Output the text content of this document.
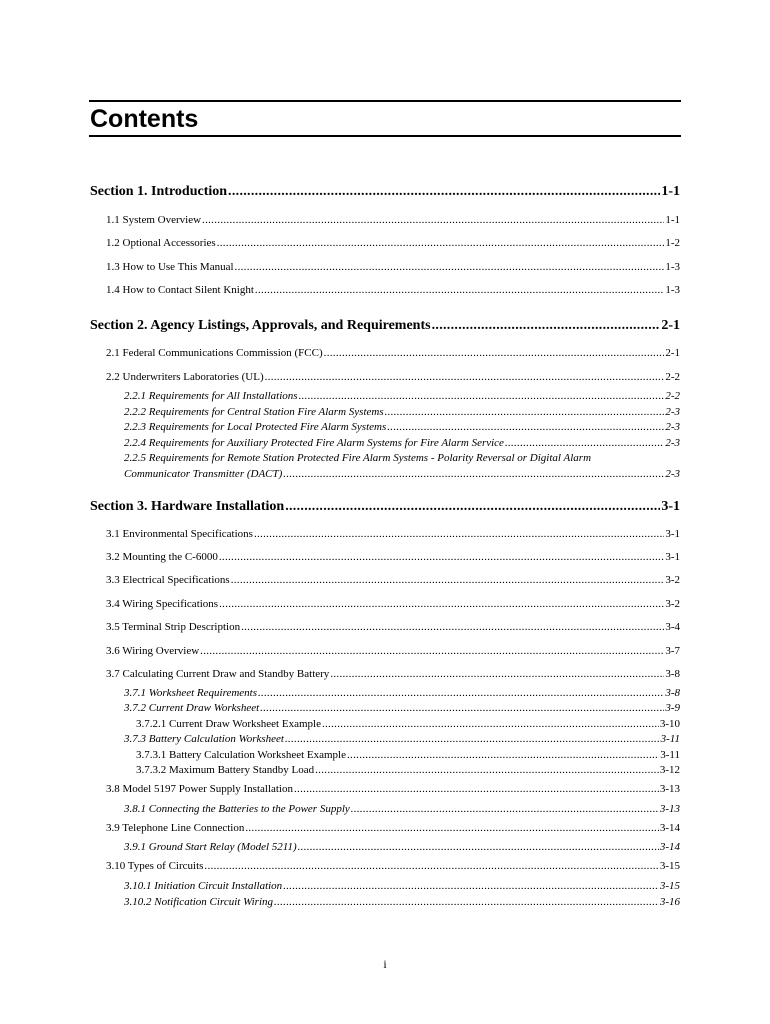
Contents
Section 1. Introduction .....	1-1
1.1 System Overview .....	1-1
1.2 Optional Accessories .....	1-2
1.3 How to Use This Manual .....	1-3
1.4 How to Contact Silent Knight .....	1-3
Section 2. Agency Listings, Approvals, and Requirements .....	2-1
2.1 Federal Communications Commission (FCC) .....	2-1
2.2 Underwriters Laboratories (UL) .....	2-2
2.2.1 Requirements for All Installations .....	2-2
2.2.2 Requirements for Central Station Fire Alarm Systems .....	2-3
2.2.3 Requirements for Local Protected Fire Alarm Systems .....	2-3
2.2.4 Requirements for Auxiliary Protected Fire Alarm Systems for Fire Alarm Service .....	2-3
2.2.5 Requirements for Remote Station Protected Fire Alarm Systems - Polarity Reversal or Digital Alarm
Communicator Transmitter (DACT) .....	2-3
Section 3. Hardware Installation .....	3-1
3.1 Environmental Specifications .....	3-1
3.2 Mounting the C-6000 .....	3-1
3.3 Electrical Specifications .....	3-2
3.4 Wiring Specifications .....	3-2
3.5 Terminal Strip Description .....	3-4
3.6 Wiring Overview .....	3-7
3.7 Calculating Current Draw and Standby Battery .....	3-8
3.7.1 Worksheet Requirements .....	3-8
3.7.2 Current Draw Worksheet .....	3-9
3.7.2.1 Current Draw Worksheet Example .....	3-10
3.7.3 Battery Calculation Worksheet .....	3-11
3.7.3.1 Battery Calculation Worksheet Example .....	3-11
3.7.3.2 Maximum Battery Standby Load .....	3-12
3.8 Model 5197 Power Supply Installation .....	3-13
3.8.1 Connecting the Batteries to the Power Supply .....	3-13
3.9 Telephone Line Connection .....	3-14
3.9.1 Ground Start Relay (Model 5211) .....	3-14
3.10 Types of Circuits .....	3-15
3.10.1 Initiation Circuit Installation .....	3-15
3.10.2 Notification Circuit Wiring .....	3-16
i
